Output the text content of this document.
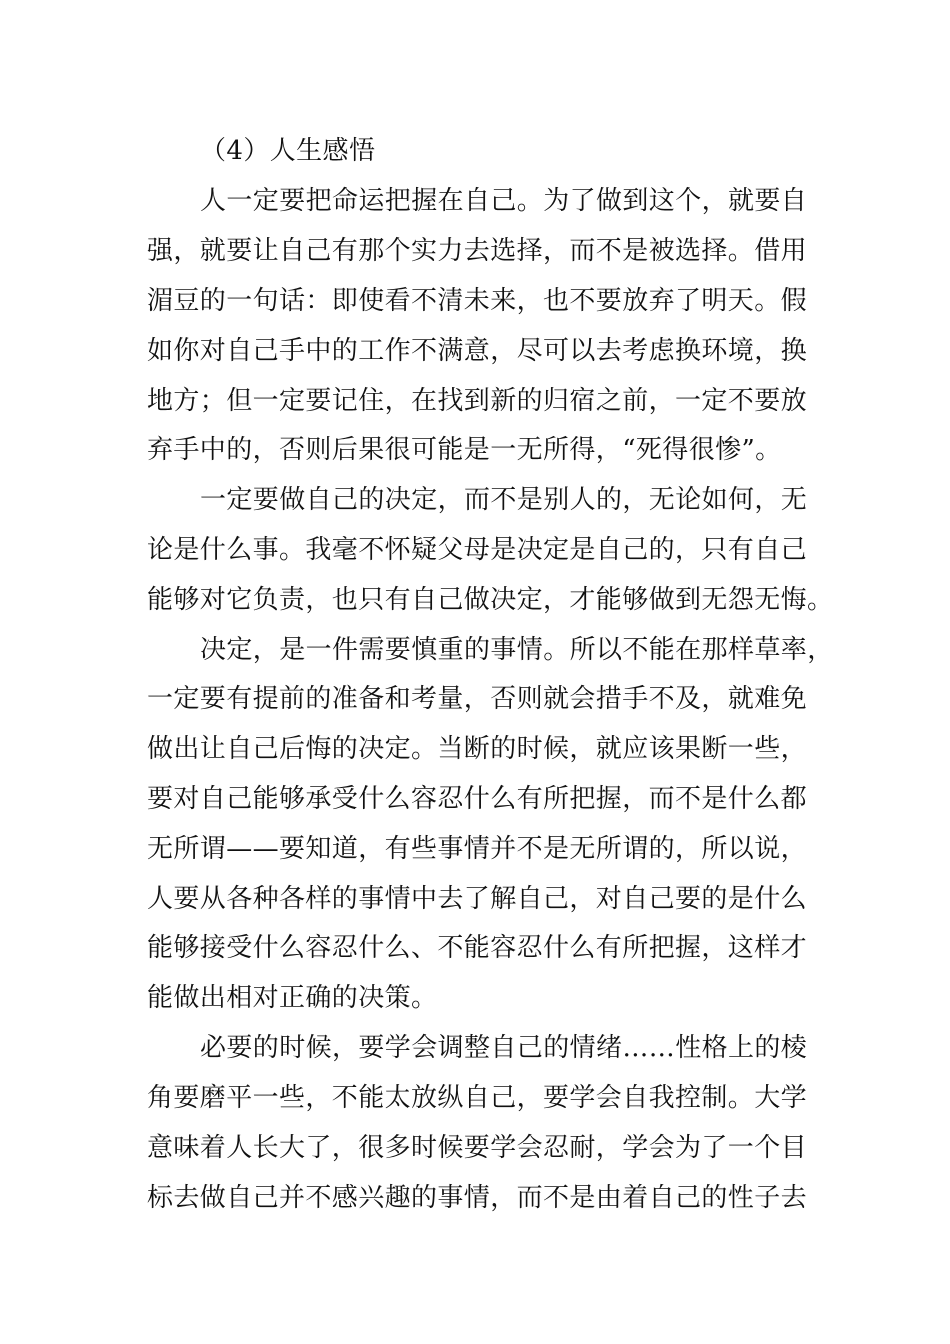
（4）人生感悟
人一定要把命运把握在自己。为了做到这个，就要自
强，就要让自己有那个实力去选择，而不是被选择。借用
湄豆的一句话：即使看不清未来，也不要放弃了明天。假
如你对自己手中的工作不满意，尽可以去考虑换环境，换
地方；但一定要记住，在找到新的归宿之前，一定不要放
弃手中的，否则后果很可能是一无所得，“死得很惨”。
一定要做自己的决定，而不是别人的，无论如何，无
论是什么事。我毫不怀疑父母是决定是自己的，只有自己
能够对它负责，也只有自己做决定，才能够做到无怨无悔。
决定，是一件需要慎重的事情。所以不能在那样草率，
一定要有提前的准备和考量，否则就会措手不及，就难免
做出让自己后悔的决定。当断的时候，就应该果断一些，
要对自己能够承受什么容忍什么有所把握，而不是什么都
无所谓——要知道，有些事情并不是无所谓的，所以说，
人要从各种各样的事情中去了解自己，对自己要的是什么
能够接受什么容忍什么、不能容忍什么有所把握，这样才
能做出相对正确的决策。
必要的时候，要学会调整自己的情绪……性格上的棱
角要磨平一些，不能太放纵自己，要学会自我控制。大学
意味着人长大了，很多时候要学会忍耐，学会为了一个目
标去做自己并不感兴趣的事情，而不是由着自己的性子去
